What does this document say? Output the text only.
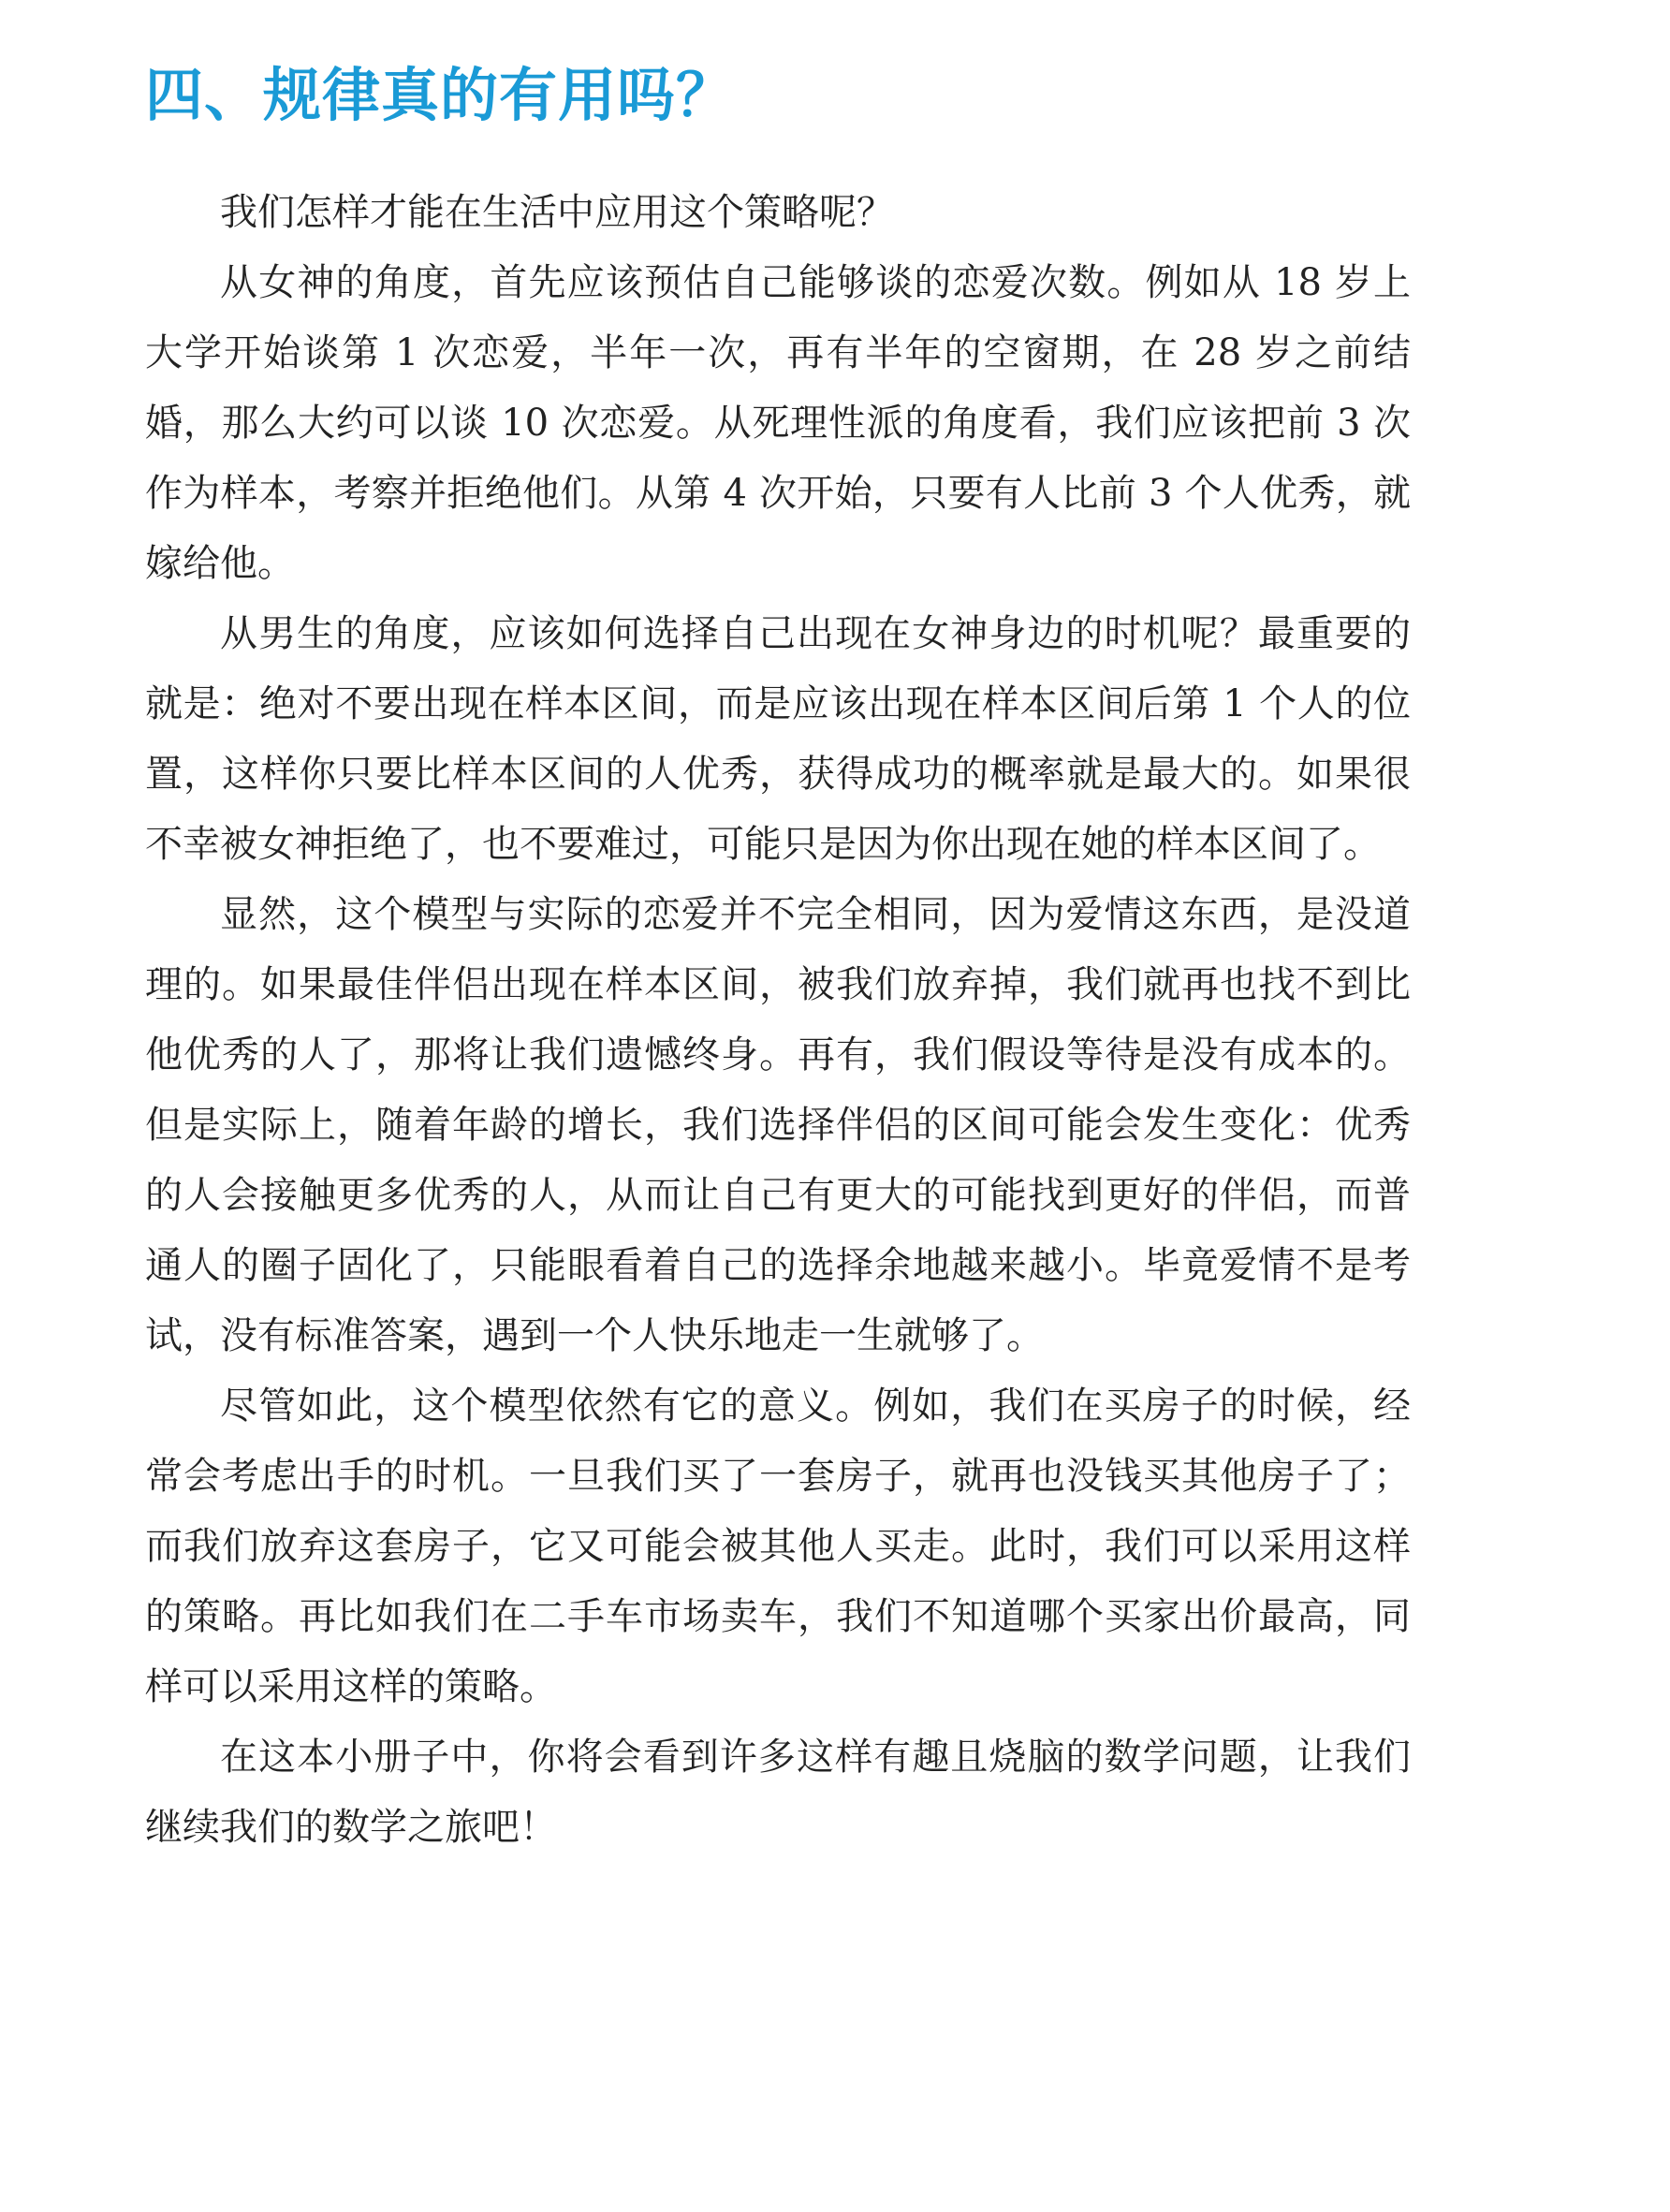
四、规律真的有用吗？

我们怎样才能在生活中应用这个策略呢？

从女神的角度，首先应该预估自己能够谈的恋爱次数。例如从 18 岁上大学开始谈第 1 次恋爱，半年一次，再有半年的空窗期，在 28 岁之前结婚，那么大约可以谈 10 次恋爱。从死理性派的角度看，我们应该把前 3 次作为样本，考察并拒绝他们。从第 4 次开始，只要有人比前 3 个人优秀，就嫁给他。

从男生的角度，应该如何选择自己出现在女神身边的时机呢？最重要的就是：绝对不要出现在样本区间，而是应该出现在样本区间后第 1 个人的位置，这样你只要比样本区间的人优秀，获得成功的概率就是最大的。如果很不幸被女神拒绝了，也不要难过，可能只是因为你出现在她的样本区间了。

显然，这个模型与实际的恋爱并不完全相同，因为爱情这东西，是没道理的。如果最佳伴侣出现在样本区间，被我们放弃掉，我们就再也找不到比他优秀的人了，那将让我们遗憾终身。再有，我们假设等待是没有成本的。但是实际上，随着年龄的增长，我们选择伴侣的区间可能会发生变化：优秀的人会接触更多优秀的人，从而让自己有更大的可能找到更好的伴侣，而普通人的圈子固化了，只能眼看着自己的选择余地越来越小。毕竟爱情不是考试，没有标准答案，遇到一个人快乐地走一生就够了。

尽管如此，这个模型依然有它的意义。例如，我们在买房子的时候，经常会考虑出手的时机。一旦我们买了一套房子，就再也没钱买其他房子了；而我们放弃这套房子，它又可能会被其他人买走。此时，我们可以采用这样的策略。再比如我们在二手车市场卖车，我们不知道哪个买家出价最高，同样可以采用这样的策略。

在这本小册子中，你将会看到许多这样有趣且烧脑的数学问题，让我们继续我们的数学之旅吧！
